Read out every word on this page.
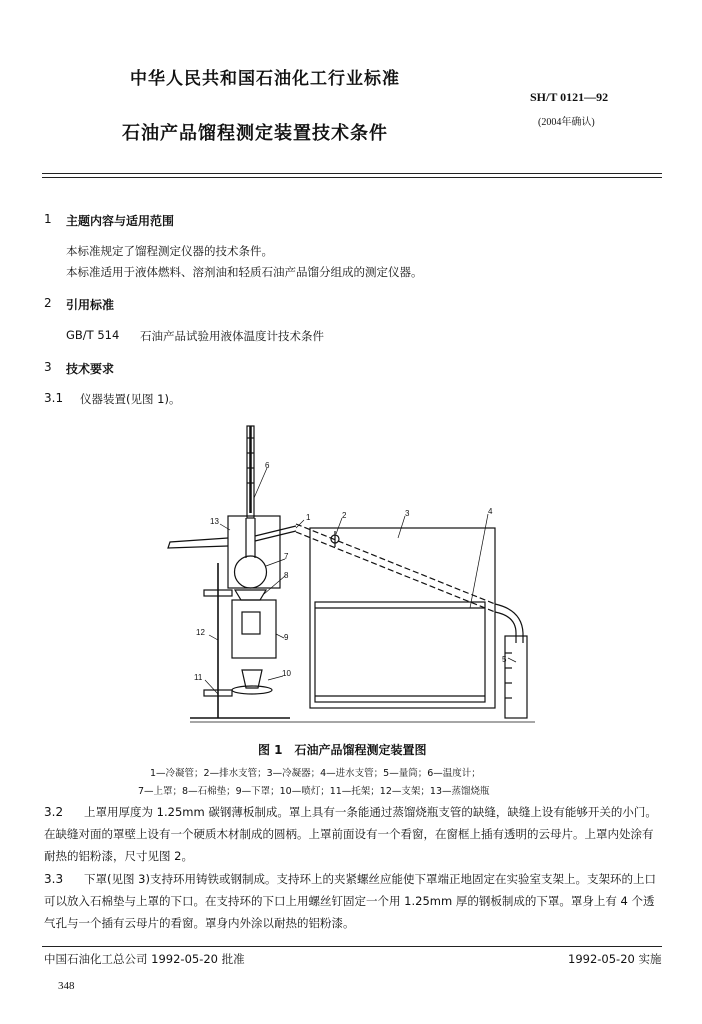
中华人民共和国石油化工行业标准
SH/T 0121—92
石油产品馏程测定装置技术条件
(2004年确认)
1 主题内容与适用范围
本标准规定了馏程测定仪器的技术条件。
本标准适用于液体燃料、溶剂油和轻质石油产品馏分组成的测定仪器。
2 引用标准
GB/T 514 石油产品试验用液体温度计技术条件
3 技术要求
3.1 仪器装置(见图 1)。
1	2	3	4
5
6
7
8
9
10
11
12
13
图 1　石油产品馏程测定装置图
1—冷凝管；2—排水支管；3—冷凝器；4—进水支管；5—量筒；6—温度计；
7—上罩；8—石棉垫；9—下罩；10—喷灯；11—托架；12—支架；13—蒸馏烧瓶
3.2	上罩用厚度为 1.25mm 碳钢薄板制成。罩上具有一条能通过蒸馏烧瓶支管的缺缝，缺缝上设有能够开关的小门。在缺缝对面的罩壁上设有一个硬质木材制成的圆柄。上罩前面设有一个看窗，在窗框上插有透明的云母片。上罩内处涂有耐热的铝粉漆，尺寸见图 2。
3.3	下罩(见图 3)支持环用铸铁或钢制成。支持环上的夹紧螺丝应能使下罩端正地固定在实验室支架上。支架环的上口可以放入石棉垫与上罩的下口。在支持环的下口上用螺丝钉固定一个用 1.25mm 厚的钢板制成的下罩。罩身上有 4 个透气孔与一个插有云母片的看窗。罩身内外涂以耐热的铝粉漆。
中国石油化工总公司 1992-05-20 批准	1992-05-20 实施
348
